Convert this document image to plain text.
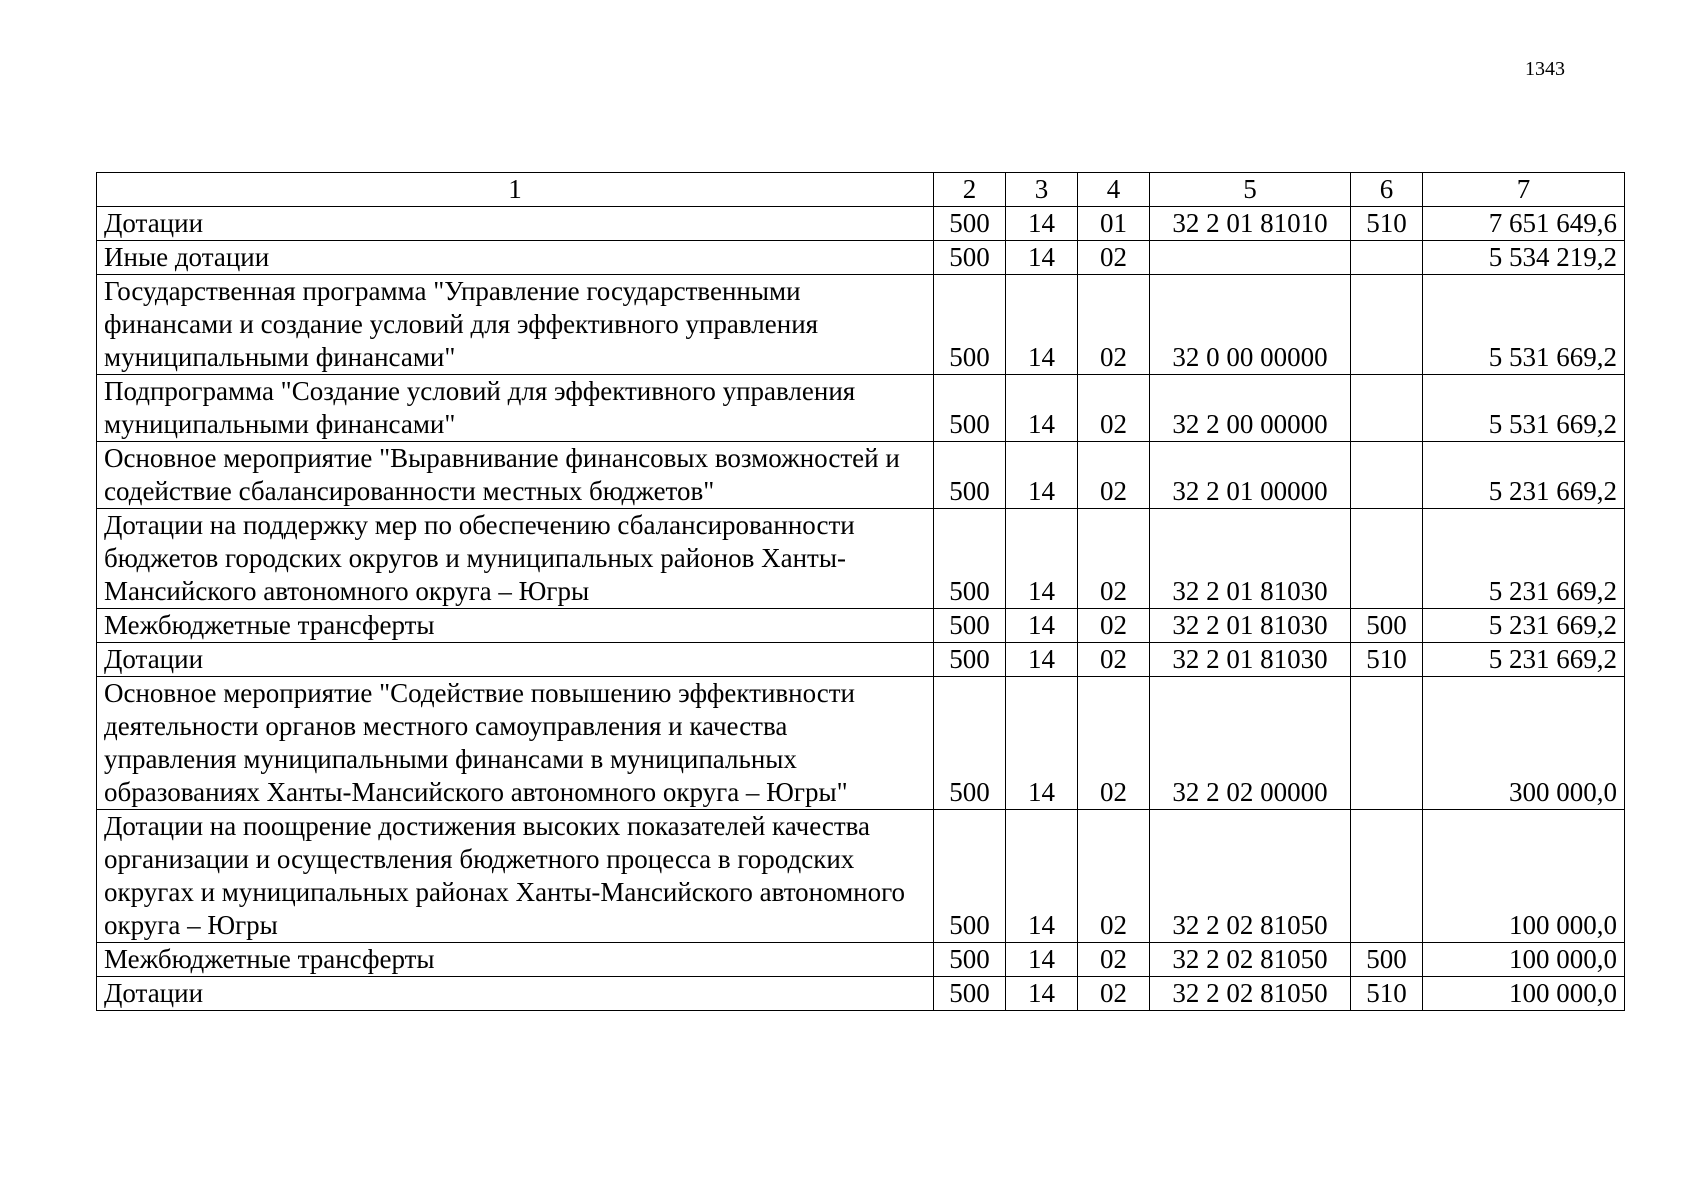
1343
1	2	3	4	5	6	7
Дотации	500	14	01	32 2 01 81010	510	7 651 649,6
Иные дотации	500	14	02			5 534 219,2
Государственная программа "Управление государственными финансами и создание условий для эффективного управления муниципальными финансами"	500	14	02	32 0 00 00000		5 531 669,2
Подпрограмма "Создание условий для эффективного управления муниципальными финансами"	500	14	02	32 2 00 00000		5 531 669,2
Основное мероприятие "Выравнивание финансовых возможностей и содействие сбалансированности местных бюджетов"	500	14	02	32 2 01 00000		5 231 669,2
Дотации на поддержку мер по обеспечению сбалансированности бюджетов городских округов и муниципальных районов Ханты-Мансийского автономного округа – Югры	500	14	02	32 2 01 81030		5 231 669,2
Межбюджетные трансферты	500	14	02	32 2 01 81030	500	5 231 669,2
Дотации	500	14	02	32 2 01 81030	510	5 231 669,2
Основное мероприятие "Содействие повышению эффективности деятельности органов местного самоуправления и качества управления муниципальными финансами в муниципальных образованиях Ханты-Мансийского автономного округа – Югры"	500	14	02	32 2 02 00000		300 000,0
Дотации на поощрение достижения высоких показателей качества организации и осуществления бюджетного процесса в городских округах и муниципальных районах Ханты-Мансийского автономного округа – Югры	500	14	02	32 2 02 81050		100 000,0
Межбюджетные трансферты	500	14	02	32 2 02 81050	500	100 000,0
Дотации	500	14	02	32 2 02 81050	510	100 000,0
